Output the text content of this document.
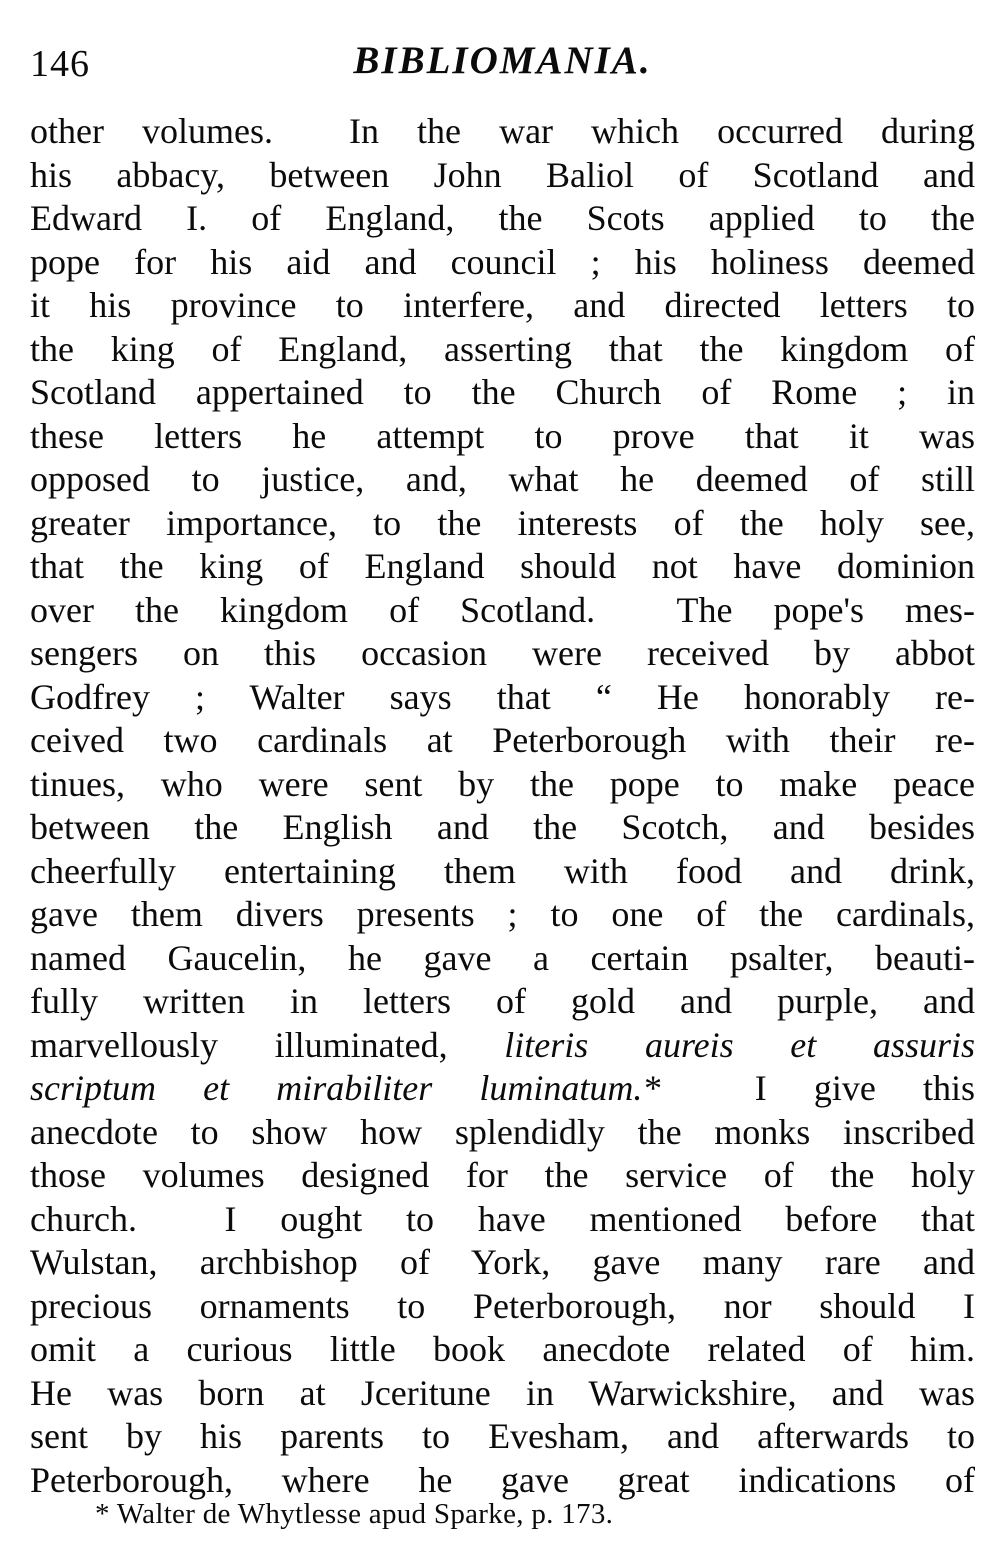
146	BIBLIOMANIA.
other volumes.  In the war which occurred during
his abbacy, between John Baliol of Scotland and
Edward I. of England, the Scots applied to the
pope for his aid and council ; his holiness deemed
it his province to interfere, and directed letters to
the king of England, asserting that the kingdom of
Scotland appertained to the Church of Rome ; in
these letters he attempt to prove that it was
opposed to justice, and, what he deemed of still
greater importance, to the interests of the holy see,
that the king of England should not have dominion
over the kingdom of Scotland.  The pope's mes-
sengers on this occasion were received by abbot
Godfrey ; Walter says that “ He honorably re-
ceived two cardinals at Peterborough with their re-
tinues, who were sent by the pope to make peace
between the English and the Scotch, and besides
cheerfully entertaining them with food and drink,
gave them divers presents ; to one of the cardinals,
named Gaucelin, he gave a certain psalter, beauti-
fully written in letters of gold and purple, and
marvellously illuminated, literis aureis et assuris
scriptum et mirabiliter luminatum.*  I give this
anecdote to show how splendidly the monks inscribed
those volumes designed for the service of the holy
church.  I ought to have mentioned before that
Wulstan, archbishop of York, gave many rare and
precious ornaments to Peterborough, nor should I
omit a curious little book anecdote related of him.
He was born at Jceritune in Warwickshire, and was
sent by his parents to Evesham, and afterwards to
Peterborough, where he gave great indications of
* Walter de Whytlesse apud Sparke, p. 173.
